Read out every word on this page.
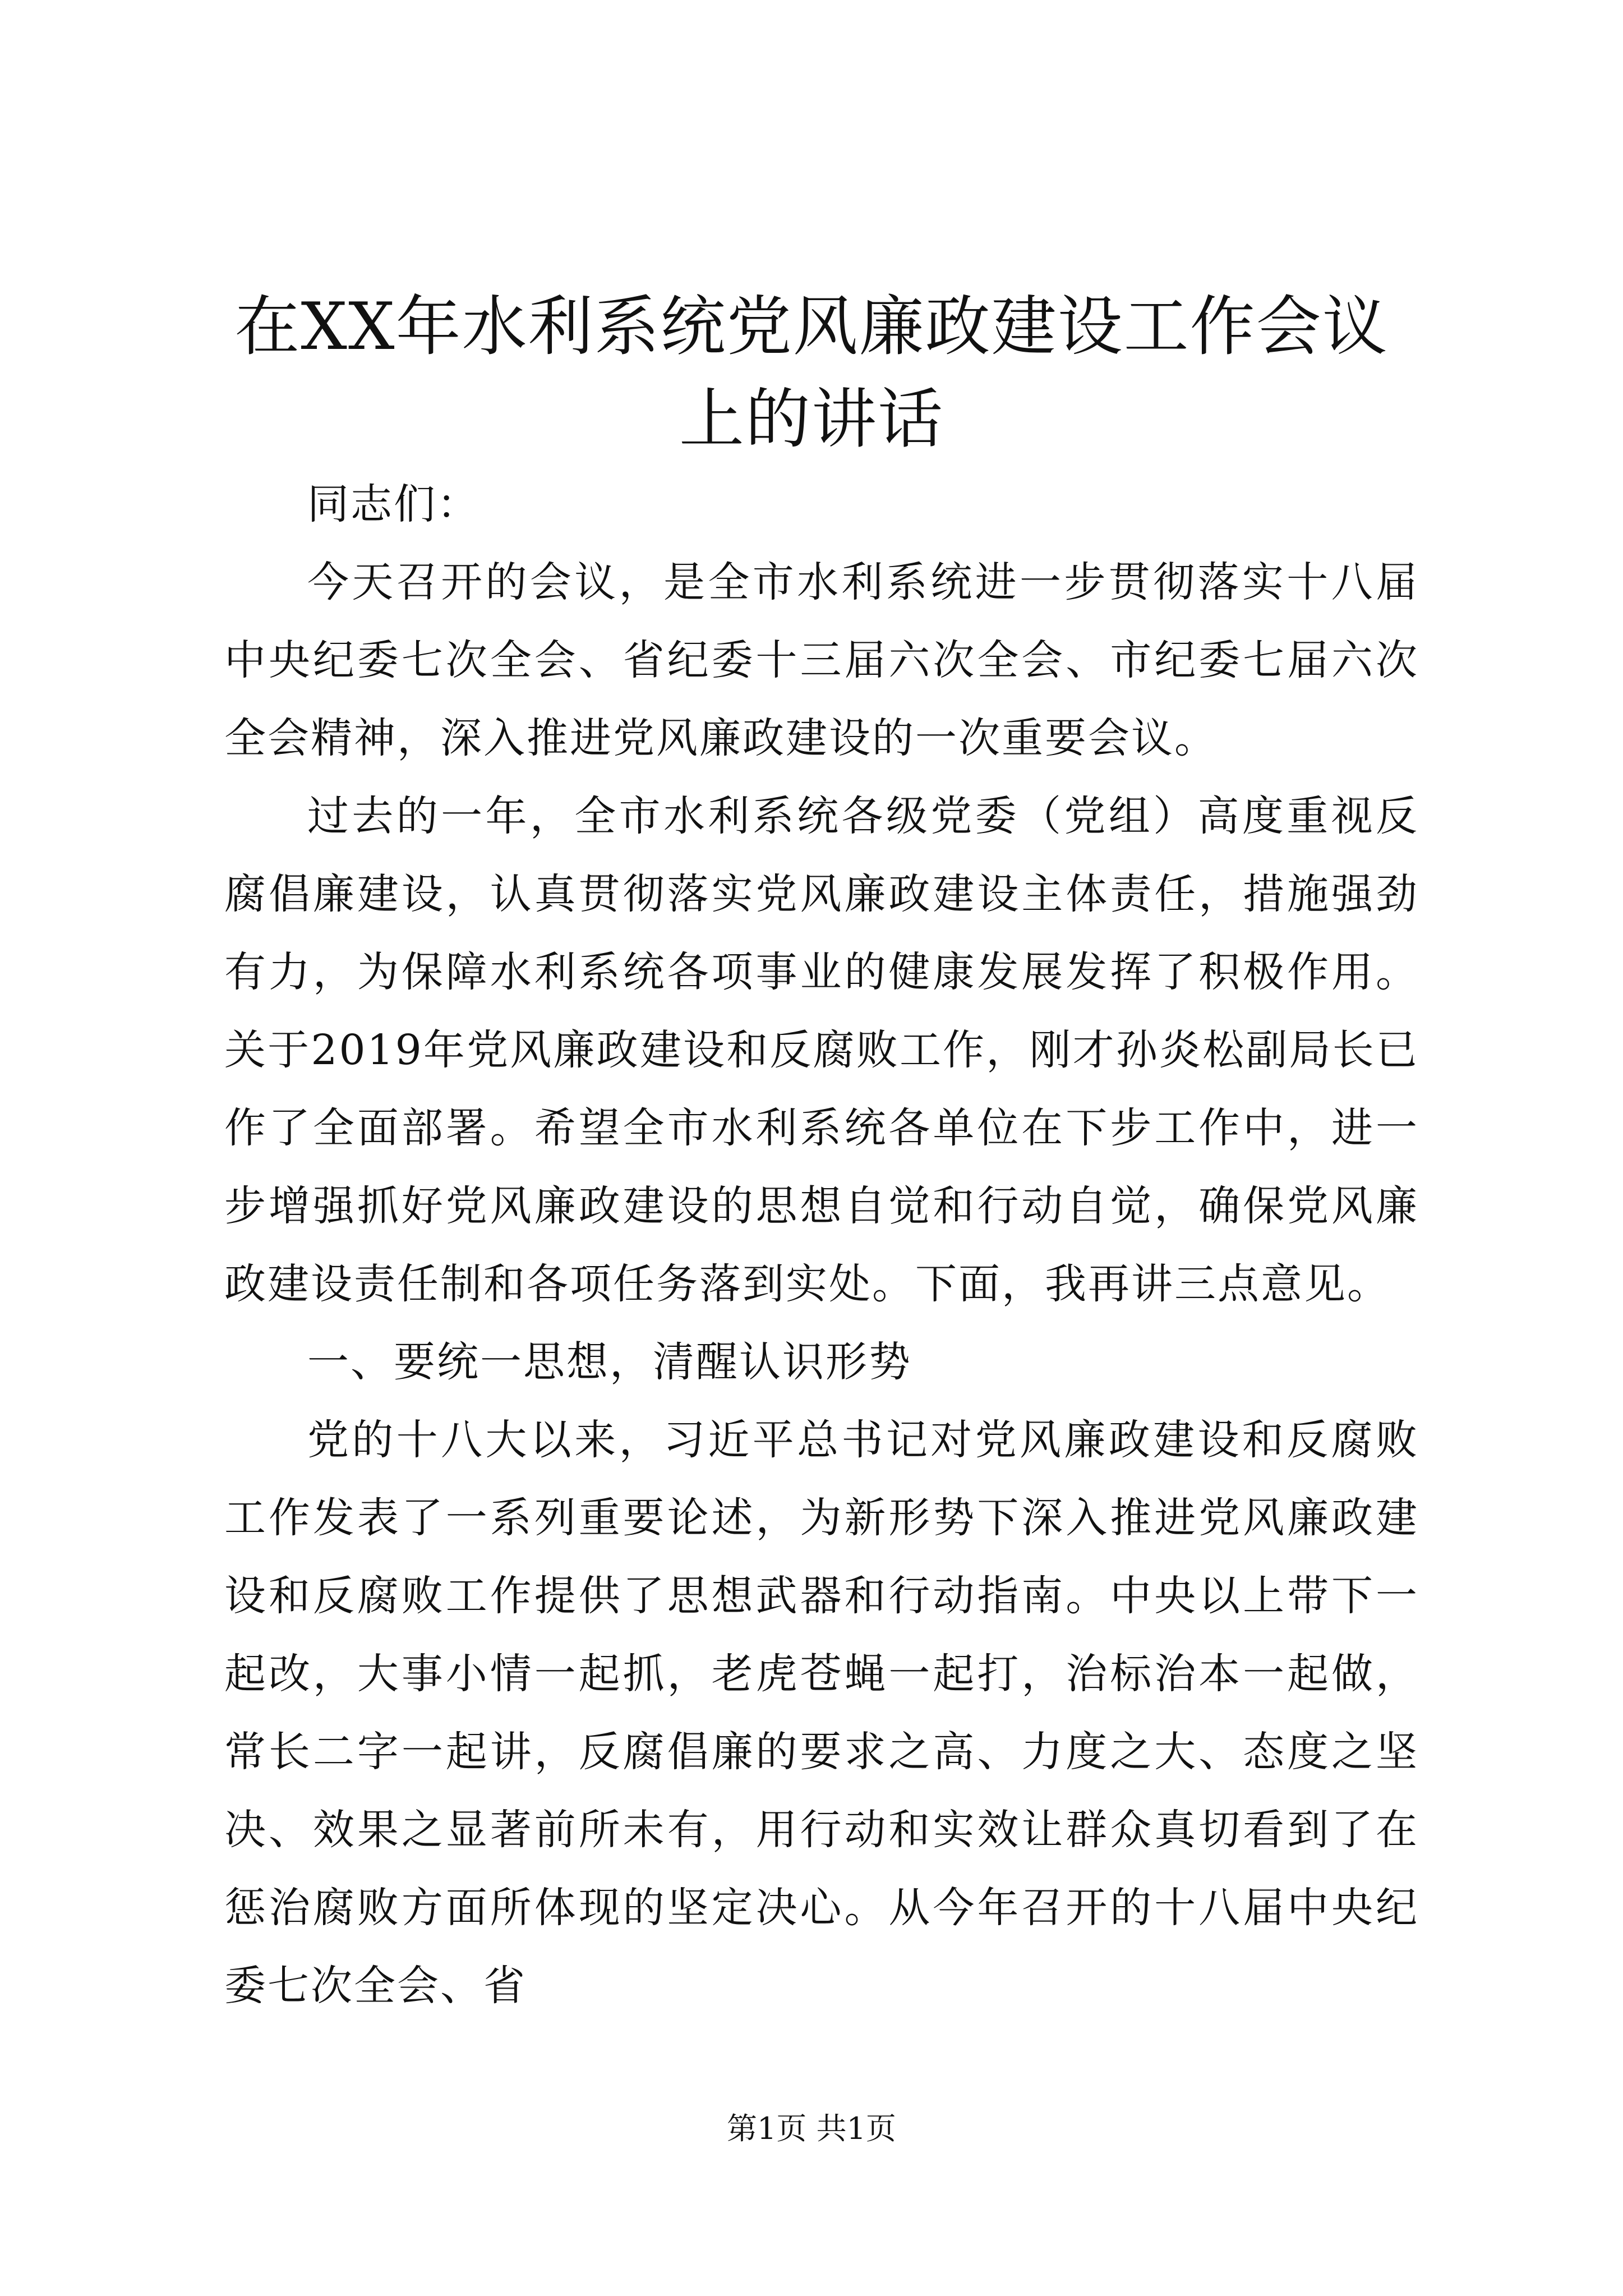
在XX年水利系统党风廉政建设工作会议上的讲话

同志们：

今天召开的会议，是全市水利系统进一步贯彻落实十八届中央纪委七次全会、省纪委十三届六次全会、市纪委七届六次全会精神，深入推进党风廉政建设的一次重要会议。

过去的一年，全市水利系统各级党委（党组）高度重视反腐倡廉建设，认真贯彻落实党风廉政建设主体责任，措施强劲有力，为保障水利系统各项事业的健康发展发挥了积极作用。关于2019年党风廉政建设和反腐败工作，刚才孙炎松副局长已作了全面部署。希望全市水利系统各单位在下步工作中，进一步增强抓好党风廉政建设的思想自觉和行动自觉，确保党风廉政建设责任制和各项任务落到实处。下面，我再讲三点意见。

一、要统一思想，清醒认识形势

党的十八大以来，习近平总书记对党风廉政建设和反腐败工作发表了一系列重要论述，为新形势下深入推进党风廉政建设和反腐败工作提供了思想武器和行动指南。中央以上带下一起改，大事小情一起抓，老虎苍蝇一起打，治标治本一起做，常长二字一起讲，反腐倡廉的要求之高、力度之大、态度之坚决、效果之显著前所未有，用行动和实效让群众真切看到了在惩治腐败方面所体现的坚定决心。从今年召开的十八届中央纪委七次全会、省

第1页 共1页
